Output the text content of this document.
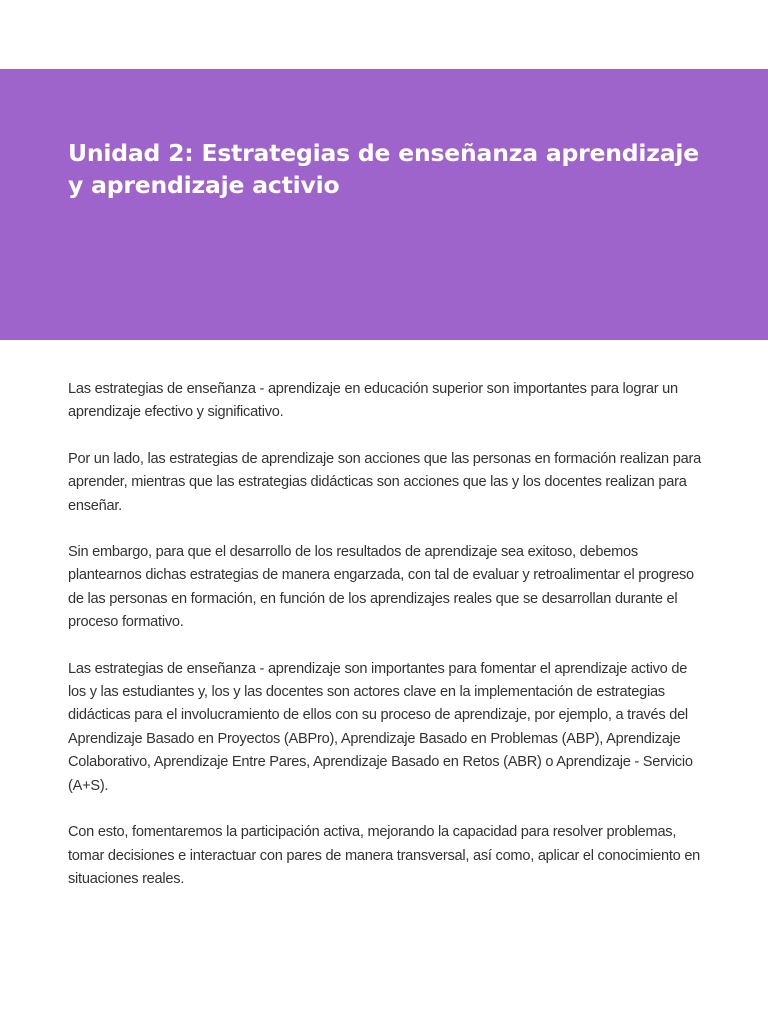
Unidad 2: Estrategias de enseñanza aprendizaje y aprendizaje activio

Las estrategias de enseñanza - aprendizaje en educación superior son importantes para lograr un aprendizaje efectivo y significativo.

Por un lado, las estrategias de aprendizaje son acciones que las personas en formación realizan para aprender, mientras que las estrategias didácticas son acciones que las y los docentes realizan para enseñar.

Sin embargo, para que el desarrollo de los resultados de aprendizaje sea exitoso, debemos plantearnos dichas estrategias de manera engarzada, con tal de evaluar y retroalimentar el progreso de las personas en formación, en función de los aprendizajes reales que se desarrollan durante el proceso formativo.

Las estrategias de enseñanza - aprendizaje son importantes para fomentar el aprendizaje activo de los y las estudiantes y, los y las docentes son actores clave en la implementación de estrategias didácticas para el involucramiento de ellos con su proceso de aprendizaje, por ejemplo, a través del Aprendizaje Basado en Proyectos (ABPro), Aprendizaje Basado en Problemas (ABP), Aprendizaje Colaborativo, Aprendizaje Entre Pares, Aprendizaje Basado en Retos (ABR) o Aprendizaje - Servicio (A+S).

Con esto, fomentaremos la participación activa, mejorando la capacidad para resolver problemas, tomar decisiones e interactuar con pares de manera transversal, así como, aplicar el conocimiento en situaciones reales.
